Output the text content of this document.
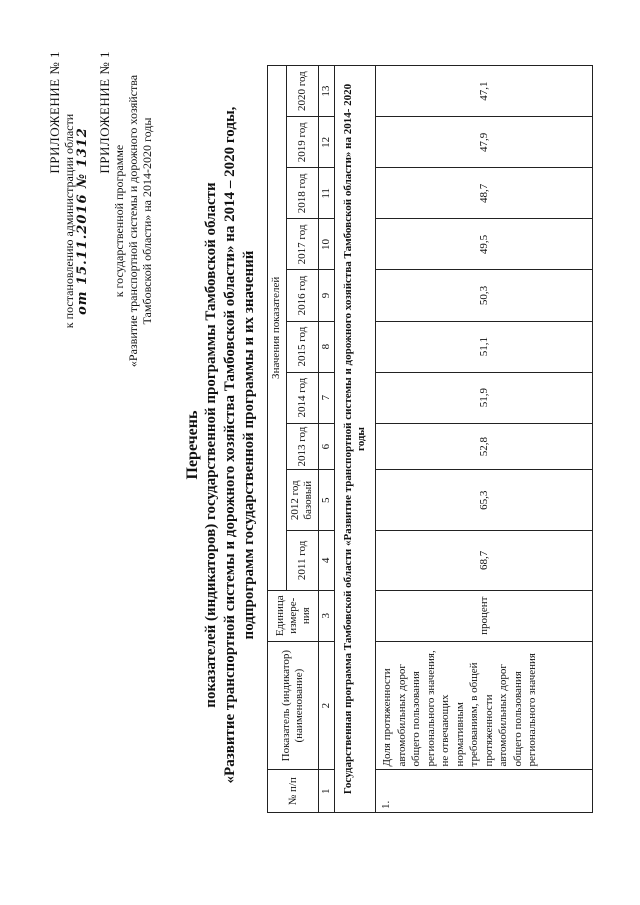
ПРИЛОЖЕНИЕ № 1
к постановлению администрации области от 15.11.2016 № 1312
ПРИЛОЖЕНИЕ № 1
к государственной программе «Развитие транспортной системы и дорожного хозяйства Тамбовской области» на 2014-2020 годы
Перечень показателей (индикаторов) государственной программы Тамбовской области «Развитие транспортной системы и дорожного хозяйства Тамбовской области» на 2014 – 2020 годы, подпрограмм государственной программы и их значений
№ п/п	Показатель (индикатор) (наименование)	Единица измере-ния	Значения показателей									
			2011 год	2012 год базовый	2013 год	2014 год	2015 год	2016 год	2017 год	2018 год	2019 год	2020 год
1	2	3	4	5	6	7	8	9	10	11	12	13
Государственная программа Тамбовской области «Развитие транспортной системы и дорожного хозяйства Тамбовской области» на 2014- 2020 годы												
1.	Доля протяженности автомобильных дорог общего пользования регионального значения, не отвечающих нормативным требованиям, в общей протяженности автомобильных дорог общего пользования регионального значения	процент	68,7	65,3	52,8	51,9	51,1	50,3	49,5	48,7	47,9	47,1
